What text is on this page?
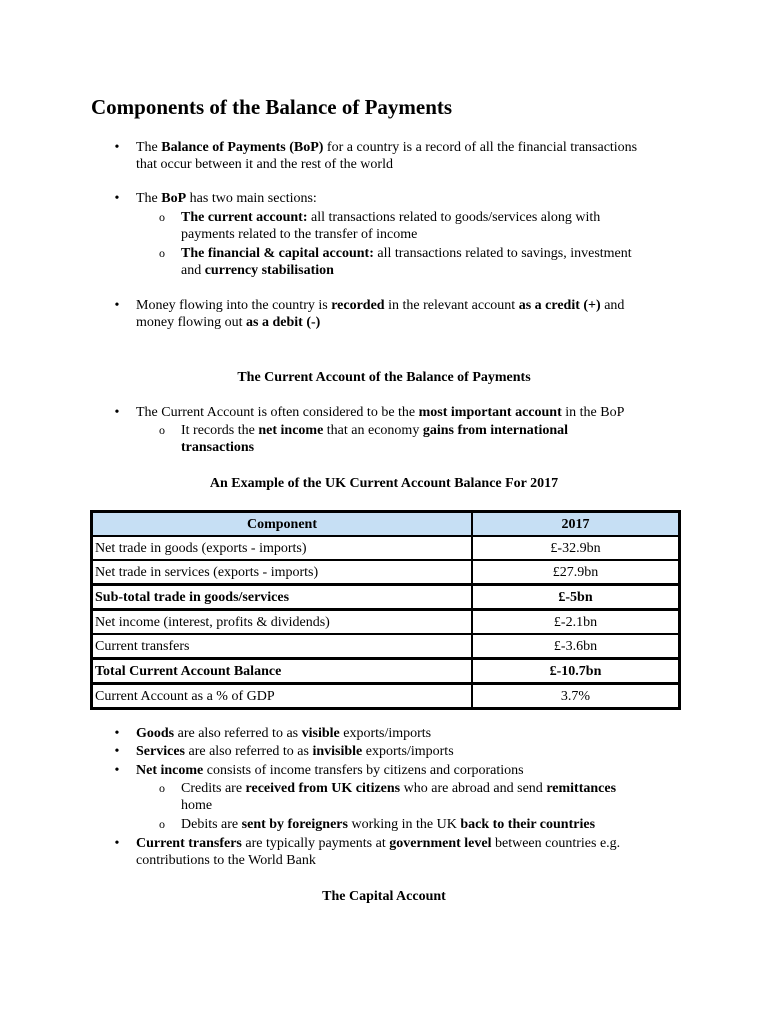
Components of the Balance of Payments
•	The Balance of Payments (BoP) for a country is a record of all the financial transactions
that occur between it and the rest of the world
•	The BoP has two main sections:
o The current account: all transactions related to goods/services along with
payments related to the transfer of income
o The financial & capital account: all transactions related to savings, investment
and currency stabilisation
•	Money flowing into the country is recorded in the relevant account as a credit (+) and
money flowing out as a debit (-)
The Current Account of the Balance of Payments
•	The Current Account is often considered to be the most important account in the BoP
o It records the net income that an economy gains from international
transactions
An Example of the UK Current Account Balance For 2017
Component	2017
Net trade in goods (exports - imports)	£-32.9bn
Net trade in services (exports - imports)	£27.9bn
Sub-total trade in goods/services	£-5bn
Net income (interest, profits & dividends)	£-2.1bn
Current transfers	£-3.6bn
Total Current Account Balance	£-10.7bn
Current Account as a % of GDP	3.7%
•	Goods are also referred to as visible exports/imports
•	Services are also referred to as invisible exports/imports
•	Net income consists of income transfers by citizens and corporations
o Credits are received from UK citizens who are abroad and send remittances
home
o Debits are sent by foreigners working in the UK back to their countries
•	Current transfers are typically payments at government level between countries e.g.
contributions to the World Bank
The Capital Account
